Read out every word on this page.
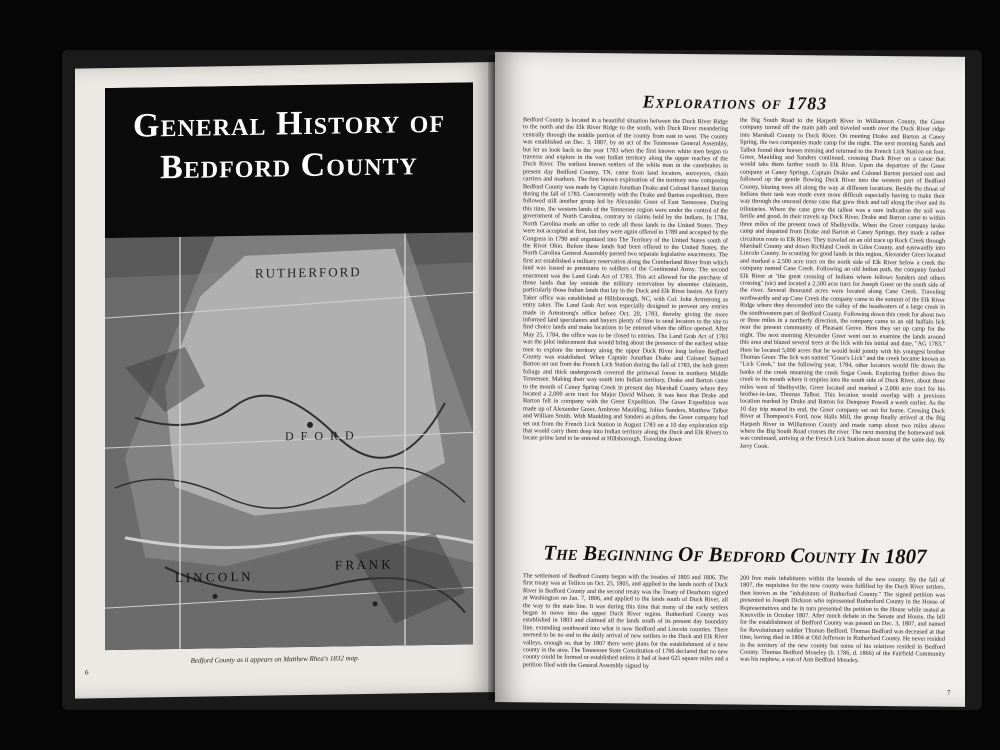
General History of
Bedford County
RUTHERFORD
D F O R D
L I N C O L N
F R A N K
Bedford County as it appears on Matthew Rhea's 1832 map.
6
Explorations of 1783
Bedford County is located in a beautiful situation between the Duck River Ridge to the north and the Elk River Ridge to the south, with Duck River meandering centrally through the middle portion of the county from east to west. The county was established on Dec. 3, 1807, by an act of the Tennessee General Assembly, but let us look back to the year 1783 when the first known white men began to traverse and explore in the vast Indian territory along the upper reaches of the Duck River. The earliest known settlers of the white man in the canebrakes in present day Bedford County, TN, came from land locators, surveyors, chain carriers and markers. The first known exploration of the territory now composing Bedford County was made by Captain Jonathan Drake and Colonel Samuel Barton during the fall of 1783. Concurrently with the Drake and Barton expedition, there followed still another group led by Alexander Greer of East Tennessee. During this time, the western lands of the Tennessee region were under the control of the government of North Carolina, contrary to claims held by the Indians. In 1784, North Carolina made an offer to cede all these lands to the United States. They were not accepted at first, but they were again offered in 1789 and accepted by the Congress in 1790 and organized into The Territory of the United States south of the River Ohio. Before these lands had been offered to the United States, the North Carolina General Assembly passed two separate legislative enactments. The first act established a military reservation along the Cumberland River from which land was issued as premiums to soldiers of the Continental Army. The second enactment was the Land Grab Act of 1783. This act allowed for the purchase of those lands that lay outside the military reservation by absentee claimants, particularly those Indian lands that lay in the Duck and Elk River basins. An Entry Taker office was established at Hillsborough, NC, with Col. John Armstrong as entry taker. The Land Grab Act was especially designed to prevent any entries made in Armstrong's office before Oct. 20, 1783, thereby giving the more informed land speculators and buyers plenty of time to send locators to the site to find choice lands and make locations to be entered when the office opened. After May 25, 1784, the office was to be closed to entries. The Land Grab Act of 1783 was the pilot inducement that would bring about the presence of the earliest white men to explore the territory along the upper Duck River long before Bedford County was established. When Captain Jonathan Drake and Colonel Samuel Barton set out from the French Lick Station during the fall of 1783, the lush green foliage and thick undergrowth covered the primeval forest in northern Middle Tennessee. Making their way south into Indian territory, Drake and Barton came to the mouth of Caney Spring Creek in present day Marshall County where they located a 2,000 acre tract for Major David Wilson. It was here that Drake and Barton fell in company with the Greer Expedition. The Greer Expedition was made up of Alexander Greer, Ambrose Maulding, Julius Sanders, Matthew Talbot and William Smith. With Maulding and Sanders as pilots, the Greer company had set out from the French Lick Station in August 1783 on a 10 day exploration trip that would carry them deep into Indian territory along the Duck and Elk Rivers to locate prime land to be entered at Hillsborough. Traveling down
the Big South Road to the Harpeth River in Williamson County, the Greer company turned off the main path and traveled south over the Duck River ridge into Marshall County to Duck River. On meeting Drake and Barton at Caney Spring, the two companies made camp for the night. The next morning Sands and Talbot found their horses missing and returned to the French Lick Station on foot. Greer, Maulding and Sanders continued, crossing Duck River on a canoe that would take them farther south to Elk River. Upon the departure of the Greer company at Caney Springs, Captain Drake and Colonel Barton pursued east and followed up the gentle flowing Duck River into the western part of Bedford County, blazing trees all along the way at different locations. Beside the threat of Indians their task was made even more difficult especially having to make their way through the unusual dense cane that grew thick and tall along the river and its tributaries. Where the cane grew the tallest was a sure indication the soil was fertile and good. In their travels up Duck River, Drake and Barton came to within three miles of the present town of Shelbyville. When the Greer company broke camp and departed from Drake and Barton at Caney Springs, they made a rather circuitous route to Elk River. They traveled on an old trace up Rock Creek through Marshall County and down Richland Creek in Giles County, and eastwardly into Lincoln County. In scouting for good lands in this region, Alexander Greer located and marked a 2,500 acre tract on the north side of Elk River below a creek the company named Cane Creek. Following an old Indian path, the company forded Elk River at "the great crossing of Indians where fellows Sanders and others crossing" (sic) and located a 2,500 acre tract for Joseph Greer on the south side of the river. Several thousand acres were located along Cane Creek. Traveling northwardly and up Cane Creek the company came to the summit of the Elk River Ridge where they descended into the valley of the headwaters of a large creek in the southwestern part of Bedford County. Following down this creek for about two or three miles in a northerly direction, the company came to an old buffalo lick near the present community of Pleasant Grove. Here they set up camp for the night. The next morning Alexander Greer went out to examine the lands around this area and blazed several trees at the lick with his initial and date, "AG 1783." Here he located 5,000 acres that he would hold jointly with his youngest brother Thomas Greer. The lick was named "Greer's Lick" and the creek became known as "Lick Creek," but the following year, 1784, other locators would file down the banks of the creek renaming the creek Sugar Creek. Exploring farther down the creek to its mouth where it empties into the south side of Duck River, about three miles west of Shelbyville, Greer located and marked a 2,000 acre tract for his brother-in-law, Thomas Talbot. This location would overlap with a previous location marked by Drake and Barton for Dempsey Powell a week earlier. As the 10 day trip neared its end, the Greer company set out for home. Crossing Duck River at Thompson's Ford, now Halls Mill, the group finally arrived at the Big Harpeth River in Williamson County and made camp about two miles above where the Big South Road crosses the river. The next morning the homeward trek was continued, arriving at the French Lick Station about noon of the same day. By Jerry Cook.
The Beginning Of Bedford County In 1807
The settlement of Bedford County began with the treaties of 1805 and 1806. The first treaty was at Tellico on Oct. 25, 1805, and applied to the lands north of Duck River in Bedford County and the second treaty was the Treaty of Dearborn signed at Washington on Jan. 7, 1806, and applied to the lands south of Duck River, all the way to the state line. It was during this time that many of the early settlers began to move into the upper Duck River region. Rutherford County was established in 1803 and claimed all the lands south of its present day boundary line, extending southward into what is now Bedford and Lincoln counties. There seemed to be no end to the daily arrival of new settlers to the Duck and Elk River valleys, enough so, that by 1807 there were plans for the establishment of a new county in the area. The Tennessee State Constitution of 1796 declared that no new county could be formed or established unless it had at least 625 square miles and a petition filed with the General Assembly signed by
200 free male inhabitants within the bounds of the new county. By the fall of 1807, the requisites for the new county were fulfilled by the Duck River settlers, then known as the "inhabitants of Rutherford County." The signed petition was presented to Joseph Dickson who represented Rutherford County in the House of Representatives and he in turn presented the petition to the House while seated at Knoxville in October 1807. After much debate in the Senate and House, the bill for the establishment of Bedford County was passed on Dec. 3, 1807, and named for Revolutionary soldier Thomas Bedford. Thomas Bedford was deceased at that time, having died in 1804 at Old Jefferson in Rutherford County. He never resided in the territory of the new county but some of his relatives resided in Bedford County. Thomas Bedford Moseley (b. 1786, d. 1866) of the Fairfield Community was his nephew, a son of Ann Bedford Moseley.
7
